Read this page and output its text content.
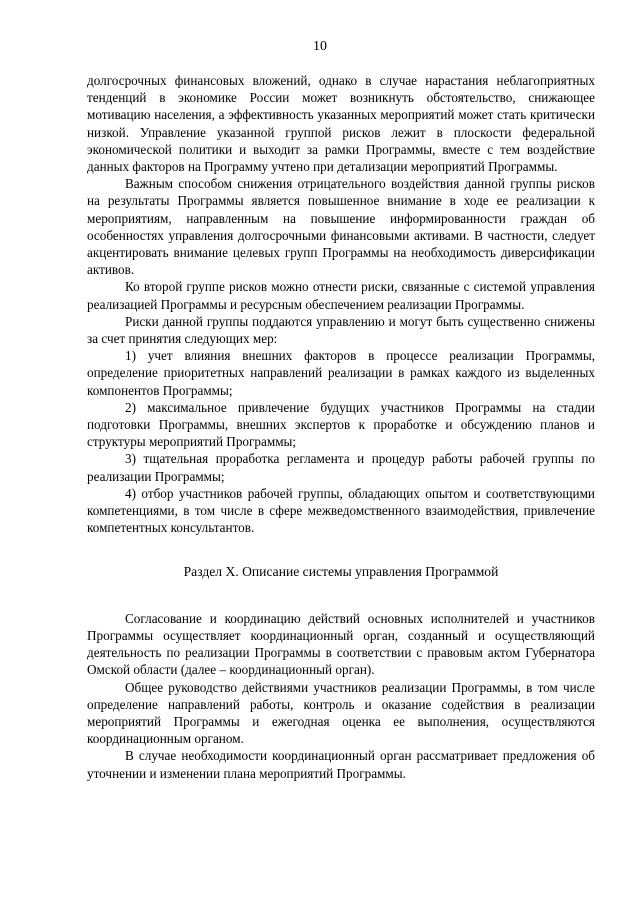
10

долгосрочных финансовых вложений, однако в случае нарастания неблагоприятных тенденций в экономике России может возникнуть обстоятельство, снижающее мотивацию населения, а эффективность указанных мероприятий может стать критически низкой. Управление указанной группой рисков лежит в плоскости федеральной экономической политики и выходит за рамки Программы, вместе с тем воздействие данных факторов на Программу учтено при детализации мероприятий Программы.

Важным способом снижения отрицательного воздействия данной группы рисков на результаты Программы является повышенное внимание в ходе ее реализации к мероприятиям, направленным на повышение информированности граждан об особенностях управления долгосрочными финансовыми активами. В частности, следует акцентировать внимание целевых групп Программы на необходимость диверсификации активов.

Ко второй группе рисков можно отнести риски, связанные с системой управления реализацией Программы и ресурсным обеспечением реализации Программы.

Риски данной группы поддаются управлению и могут быть существенно снижены за счет принятия следующих мер:

1) учет влияния внешних факторов в процессе реализации Программы, определение приоритетных направлений реализации в рамках каждого из выделенных компонентов Программы;

2) максимальное привлечение будущих участников Программы на стадии подготовки Программы, внешних экспертов к проработке и обсуждению планов и структуры мероприятий Программы;

3) тщательная проработка регламента и процедур работы рабочей группы по реализации Программы;

4) отбор участников рабочей группы, обладающих опытом и соответствующими компетенциями, в том числе в сфере межведомственного взаимодействия, привлечение компетентных консультантов.

Раздел X. Описание системы управления Программой

Согласование и координацию действий основных исполнителей и участников Программы осуществляет координационный орган, созданный и осуществляющий деятельность по реализации Программы в соответствии с правовым актом Губернатора Омской области (далее – координационный орган).

Общее руководство действиями участников реализации Программы, в том числе определение направлений работы, контроль и оказание содействия в реализации мероприятий Программы и ежегодная оценка ее выполнения, осуществляются координационным органом.

В случае необходимости координационный орган рассматривает предложения об уточнении и изменении плана мероприятий Программы.
